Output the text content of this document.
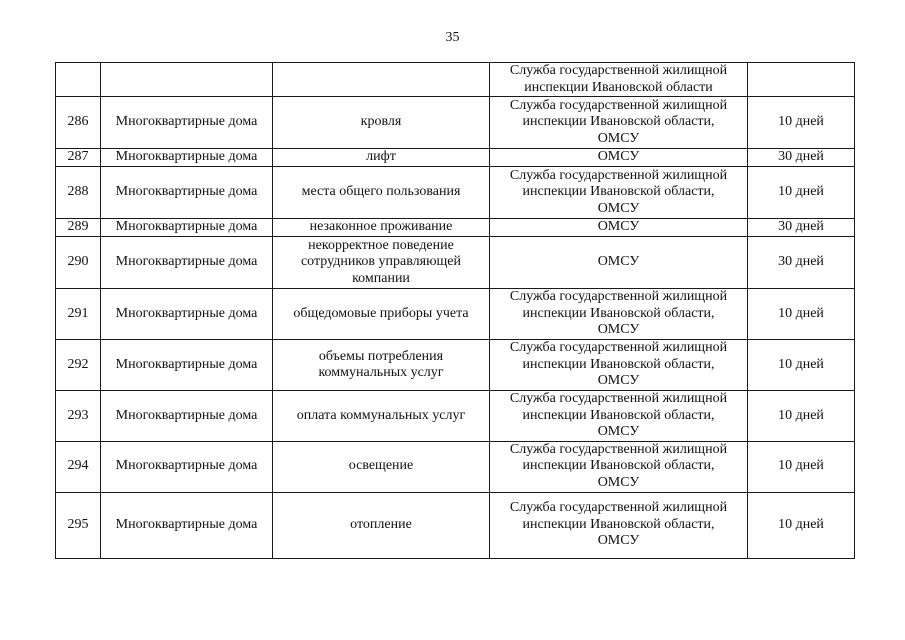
35
			Служба государственной жилищной
инспекции Ивановской области	
286	Многоквартирные дома	кровля	Служба государственной жилищной
инспекции Ивановской области,
ОМСУ	10 дней
287	Многоквартирные дома	лифт	ОМСУ	30 дней
288	Многоквартирные дома	места общего пользования	Служба государственной жилищной
инспекции Ивановской области,
ОМСУ	10 дней
289	Многоквартирные дома	незаконное проживание	ОМСУ	30 дней
290	Многоквартирные дома	некорректное поведение
сотрудников управляющей
компании	ОМСУ	30 дней
291	Многоквартирные дома	общедомовые приборы учета	Служба государственной жилищной
инспекции Ивановской области,
ОМСУ	10 дней
292	Многоквартирные дома	объемы потребления
коммунальных услуг	Служба государственной жилищной
инспекции Ивановской области,
ОМСУ	10 дней
293	Многоквартирные дома	оплата коммунальных услуг	Служба государственной жилищной
инспекции Ивановской области,
ОМСУ	10 дней
294	Многоквартирные дома	освещение	Служба государственной жилищной
инспекции Ивановской области,
ОМСУ	10 дней
295	Многоквартирные дома	отопление	Служба государственной жилищной
инспекции Ивановской области,
ОМСУ	10 дней
